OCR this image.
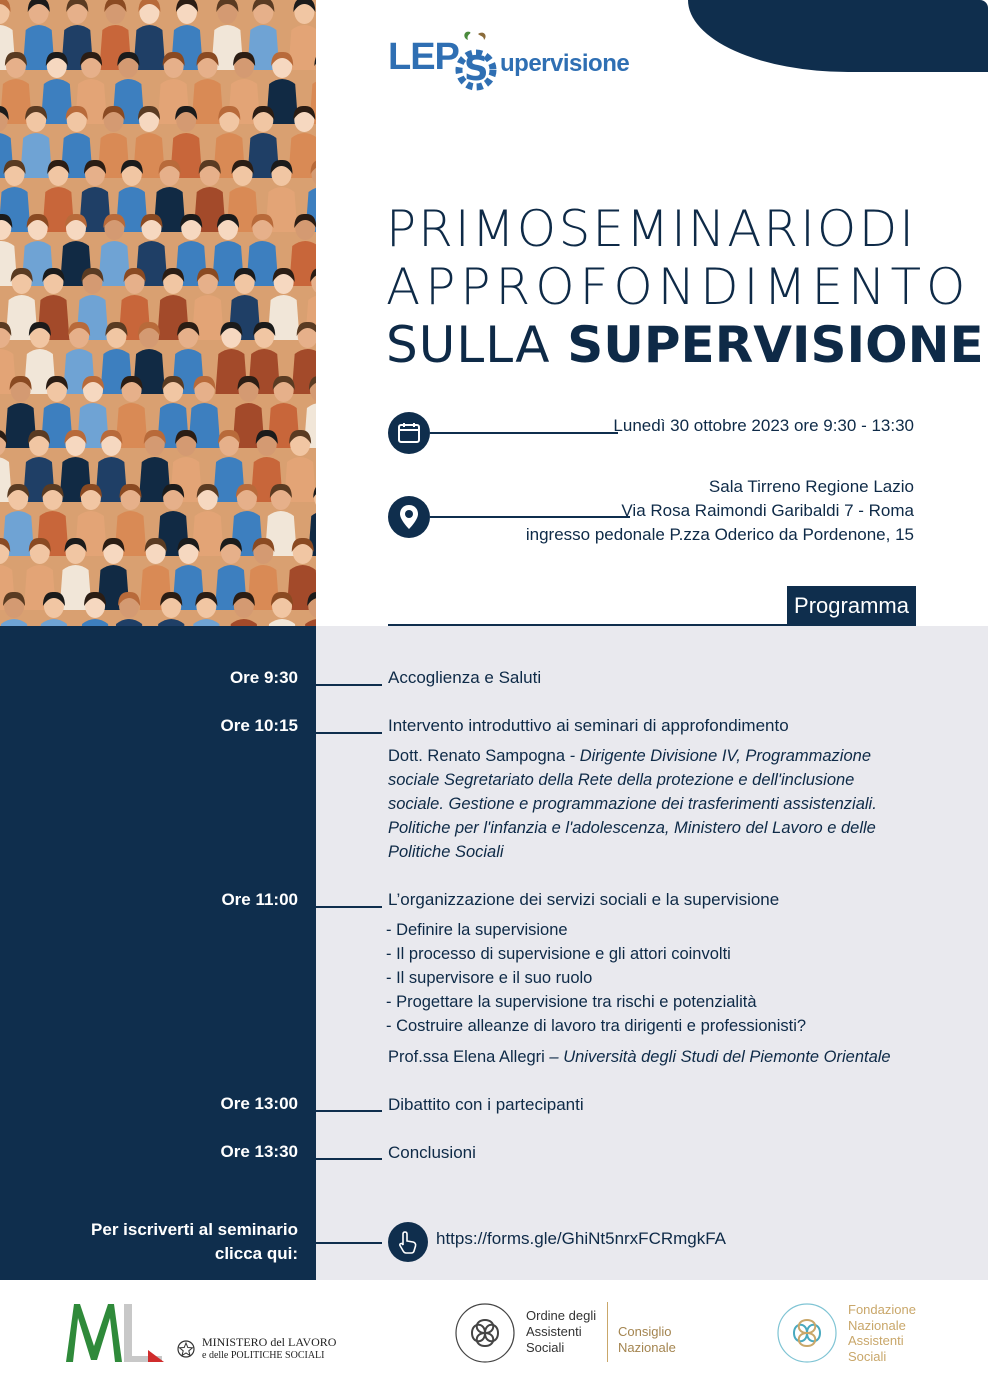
LEP S upervisione
PRIMO SEMINARIO DI
APPROFONDIMENTO
SULLA SUPERVISIONE
Lunedì 30 ottobre 2023 ore 9:30 - 13:30
Sala Tirreno Regione Lazio
Via Rosa Raimondi Garibaldi 7 - Roma
ingresso pedonale P.zza Oderico da Pordenone, 15
Programma
Ore 9:30	Accoglienza e Saluti
Ore 10:15	Intervento introduttivo ai seminari di approfondimento
Dott. Renato Sampogna - Dirigente Divisione IV, Programmazione sociale Segretariato della Rete della protezione e dell'inclusione sociale. Gestione e programmazione dei trasferimenti assistenziali. Politiche per l'infanzia e l'adolescenza, Ministero del Lavoro e delle Politiche Sociali
Ore 11:00	L’organizzazione dei servizi sociali e la supervisione
- Definire la supervisione
- Il processo di supervisione e gli attori coinvolti
- Il supervisore e il suo ruolo
- Progettare la supervisione tra rischi e potenzialità
- Costruire alleanze di lavoro tra dirigenti e professionisti?
Prof.ssa Elena Allegri – Università degli Studi del Piemonte Orientale
Ore 13:00	Dibattito con i partecipanti
Ore 13:30	Conclusioni
Per iscriverti al seminario
clicca qui:
https://forms.gle/GhiNt5nrxFCRmgkFA
MINISTERO del LAVORO
e delle POLITICHE SOCIALI
Ordine degli
Assistenti
Sociali
Consiglio
Nazionale
Fondazione
Nazionale
Assistenti
Sociali
